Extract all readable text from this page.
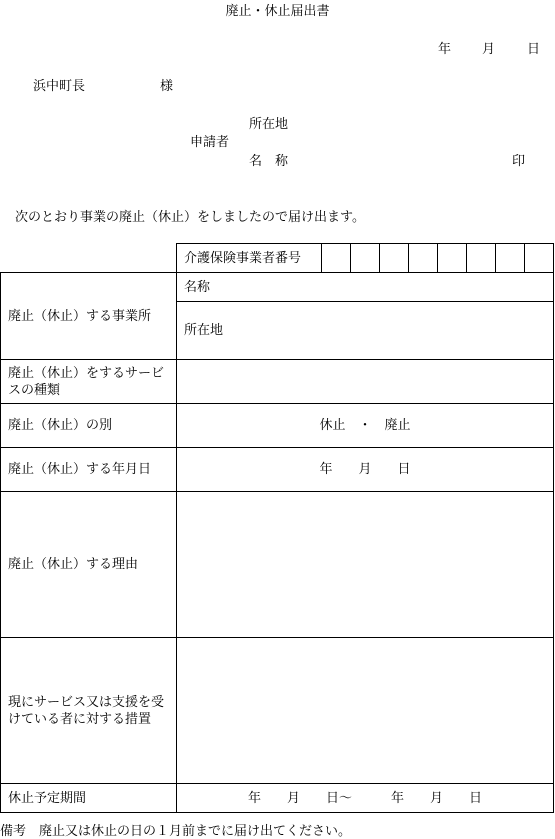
廃止・休止届出書
年 月 日
浜中町長	様
所在地
申請者
名　称	印
次のとおり事業の廃止（休止）をしましたので届け出ます。
	介護保険事業者番号								
廃止（休止）する事業所	名称								
	所在地								
廃止（休止）をするサービスの種類									
廃止（休止）の別	休止　・　廃止								
廃止（休止）する年月日	年　　月　　日								
廃止（休止）する理由									
現にサービス又は支援を受けている者に対する措置									
休止予定期間	年　　月　　日～　　　年　　月　　日								
備考　廃止又は休止の日の１月前までに届け出てください。
